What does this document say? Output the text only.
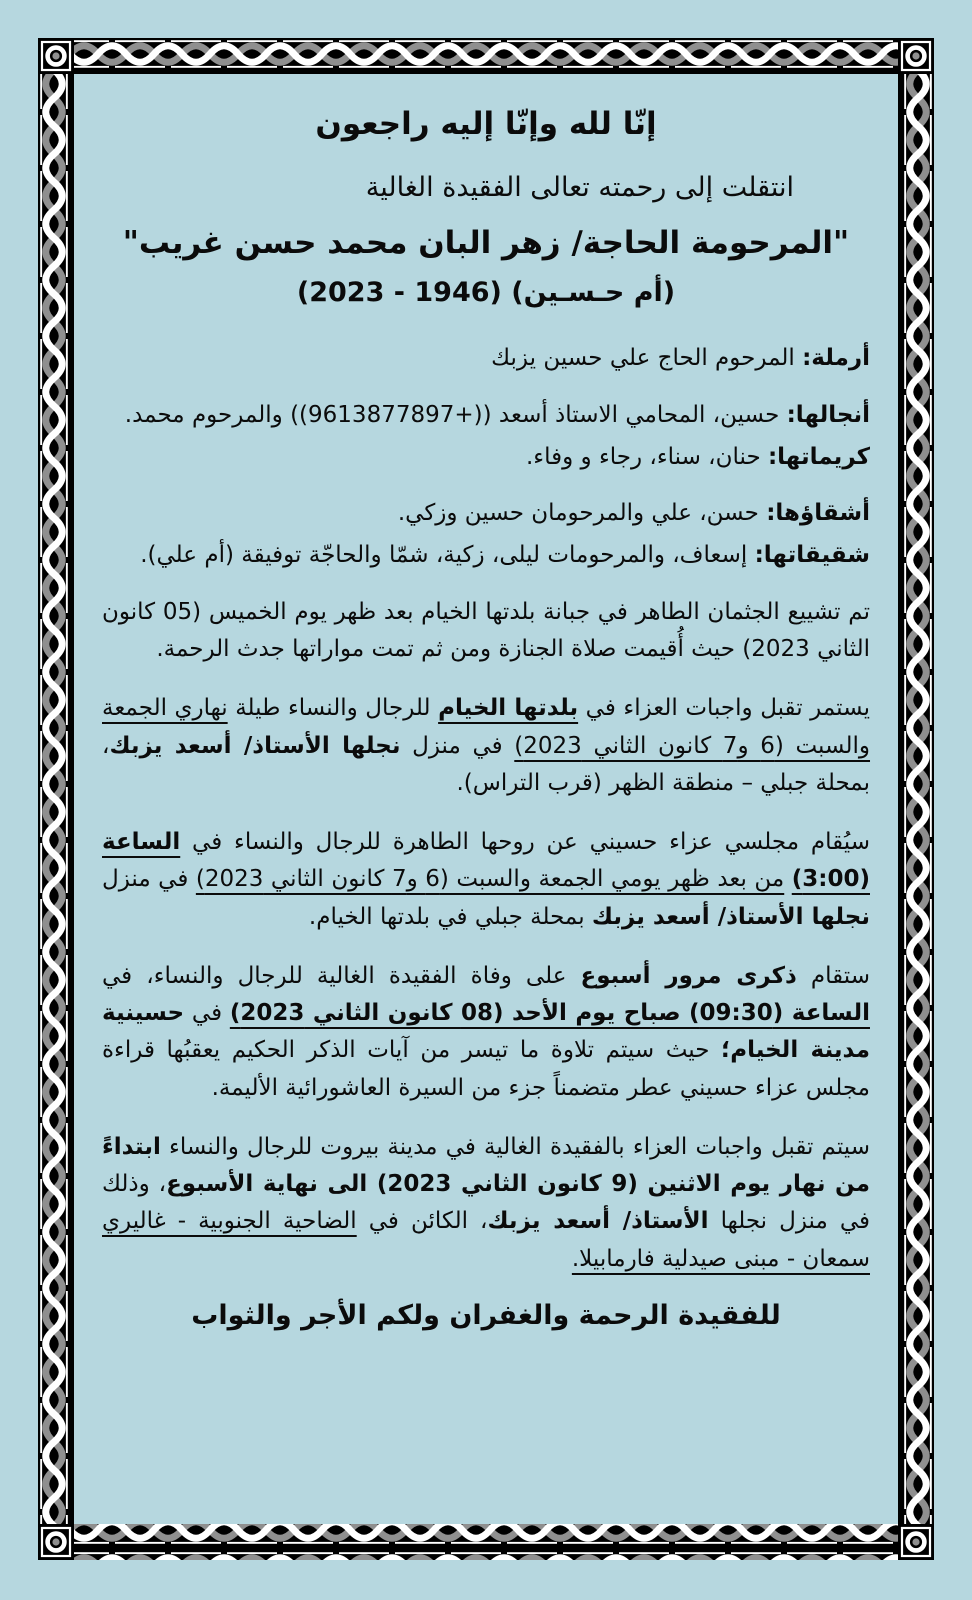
إنّا لله وإنّا إليه راجعون
انتقلت إلى رحمته تعالى الفقيدة الغالية
"المرحومة الحاجة/ زهر البان محمد حسن غريب"
(أم حـسـين) (1946 - 2023)
أرملة: المرحوم الحاج علي حسين يزبك
أنجالها: حسين، المحامي الاستاذ أسعد ((+9613877897)) والمرحوم محمد.
كريماتها: حنان، سناء، رجاء و وفاء.
أشقاؤها: حسن، علي والمرحومان حسين وزكي.
شقيقاتها: إسعاف، والمرحومات ليلى، زكية، شمّا والحاجّة توفيقة (أم علي).

تم تشييع الجثمان الطاهر في جبانة بلدتها الخيام بعد ظهر يوم الخميس (05 كانون الثاني 2023) حيث أُقيمت صلاة الجنازة ومن ثم تمت مواراتها جدث الرحمة.

يستمر تقبل واجبات العزاء في بلدتها الخيام للرجال والنساء طيلة نهاري الجمعة والسبت (6 و7 كانون الثاني 2023) في منزل نجلها الأستاذ/ أسعد يزبك، بمحلة جبلي – منطقة الظهر (قرب التراس).

سيُقام مجلسي عزاء حسيني عن روحها الطاهرة للرجال والنساء في الساعة (3:00) من بعد ظهر يومي الجمعة والسبت (6 و7 كانون الثاني 2023) في منزل نجلها الأستاذ/ أسعد يزبك بمحلة جبلي في بلدتها الخيام.

ستقام ذكرى مرور أسبوع على وفاة الفقيدة الغالية للرجال والنساء، في الساعة (09:30) صباح يوم الأحد (08 كانون الثاني 2023) في حسينية مدينة الخيام؛ حيث سيتم تلاوة ما تيسر من آيات الذكر الحكيم يعقبُها قراءة مجلس عزاء حسيني عطر متضمناً جزء من السيرة العاشورائية الأليمة.

سيتم تقبل واجبات العزاء بالفقيدة الغالية في مدينة بيروت للرجال والنساء ابتداءً من نهار يوم الاثنين (9 كانون الثاني 2023) الى نهاية الأسبوع، وذلك في منزل نجلها الأستاذ/ أسعد يزبك، الكائن في الضاحية الجنوبية - غاليري سمعان - مبنى صيدلية فارمابيلا.

للفقيدة الرحمة والغفران ولكم الأجر والثواب
